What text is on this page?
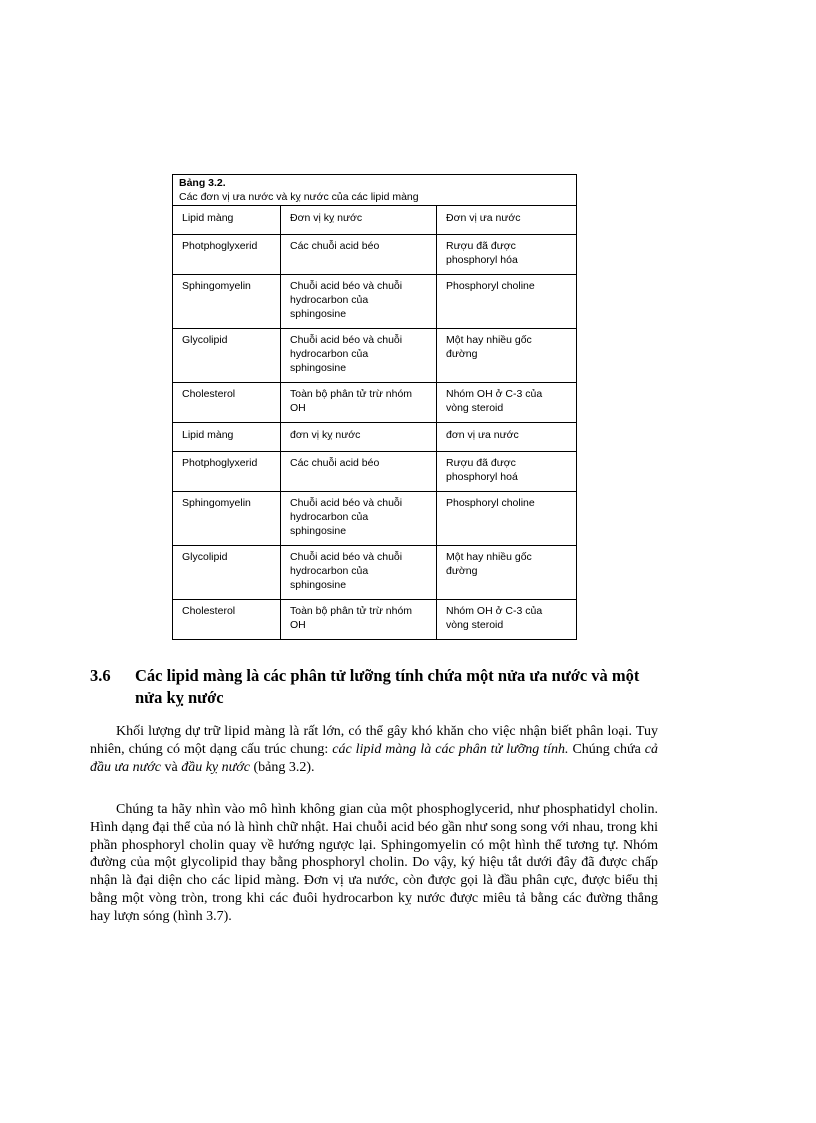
Bảng 3.2.
Các đơn vị ưa nước và kỵ nước của các lipid màng		

Lipid màng	Đơn vị kỵ nước	Đơn vị ưa nước
Photphoglyxerid	Các chuỗi acid béo	Rượu đã được
phosphoryl hóa
Sphingomyelin	Chuỗi acid béo và chuỗi
hydrocarbon của
sphingosine	Phosphoryl choline
Glycolipid	Chuỗi acid béo và chuỗi
hydrocarbon của
sphingosine	Một hay nhiều gốc
đường
Cholesterol	Toàn bộ phân tử trừ nhóm
OH	Nhóm OH ở C-3 của
vòng steroid
Lipid màng	đơn vị kỵ nước	đơn vị ưa nước
Photphoglyxerid	Các chuỗi acid béo	Rượu đã được
phosphoryl hoá
Sphingomyelin	Chuỗi acid béo và chuỗi
hydrocarbon của
sphingosine	Phosphoryl choline
Glycolipid	Chuỗi acid béo và chuỗi
hydrocarbon của
sphingosine	Một hay nhiều gốc
đường
Cholesterol	Toàn bộ phân tử trừ nhóm
OH	Nhóm OH ở C-3 của
vòng steroid
3.6	Các lipid màng là các phân tử lưỡng tính chứa một nửa ưa nước và một nửa kỵ nước

Khối lượng dự trữ lipid màng là rất lớn, có thể gây khó khăn cho việc nhận biết phân loại. Tuy nhiên, chúng có một dạng cấu trúc chung: các lipid màng là các phân tử lưỡng tính. Chúng chứa cả đầu ưa nước và đầu kỵ nước (bảng 3.2).

Chúng ta hãy nhìn vào mô hình không gian của một phosphoglycerid, như phosphatidyl cholin. Hình dạng đại thể của nó là hình chữ nhật. Hai chuỗi acid béo gần như song song với nhau, trong khi phần phosphoryl cholin quay về hướng ngược lại. Sphingomyelin có một hình thể tương tự. Nhóm đường của một glycolipid thay bằng phosphoryl cholin. Do vậy, ký hiệu tắt dưới đây đã được chấp nhận là đại diện cho các lipid màng. Đơn vị ưa nước, còn được gọi là đầu phân cực, được biểu thị bằng một vòng tròn, trong khi các đuôi hydrocarbon kỵ nước được miêu tả bằng các đường thẳng hay lượn sóng (hình 3.7).
